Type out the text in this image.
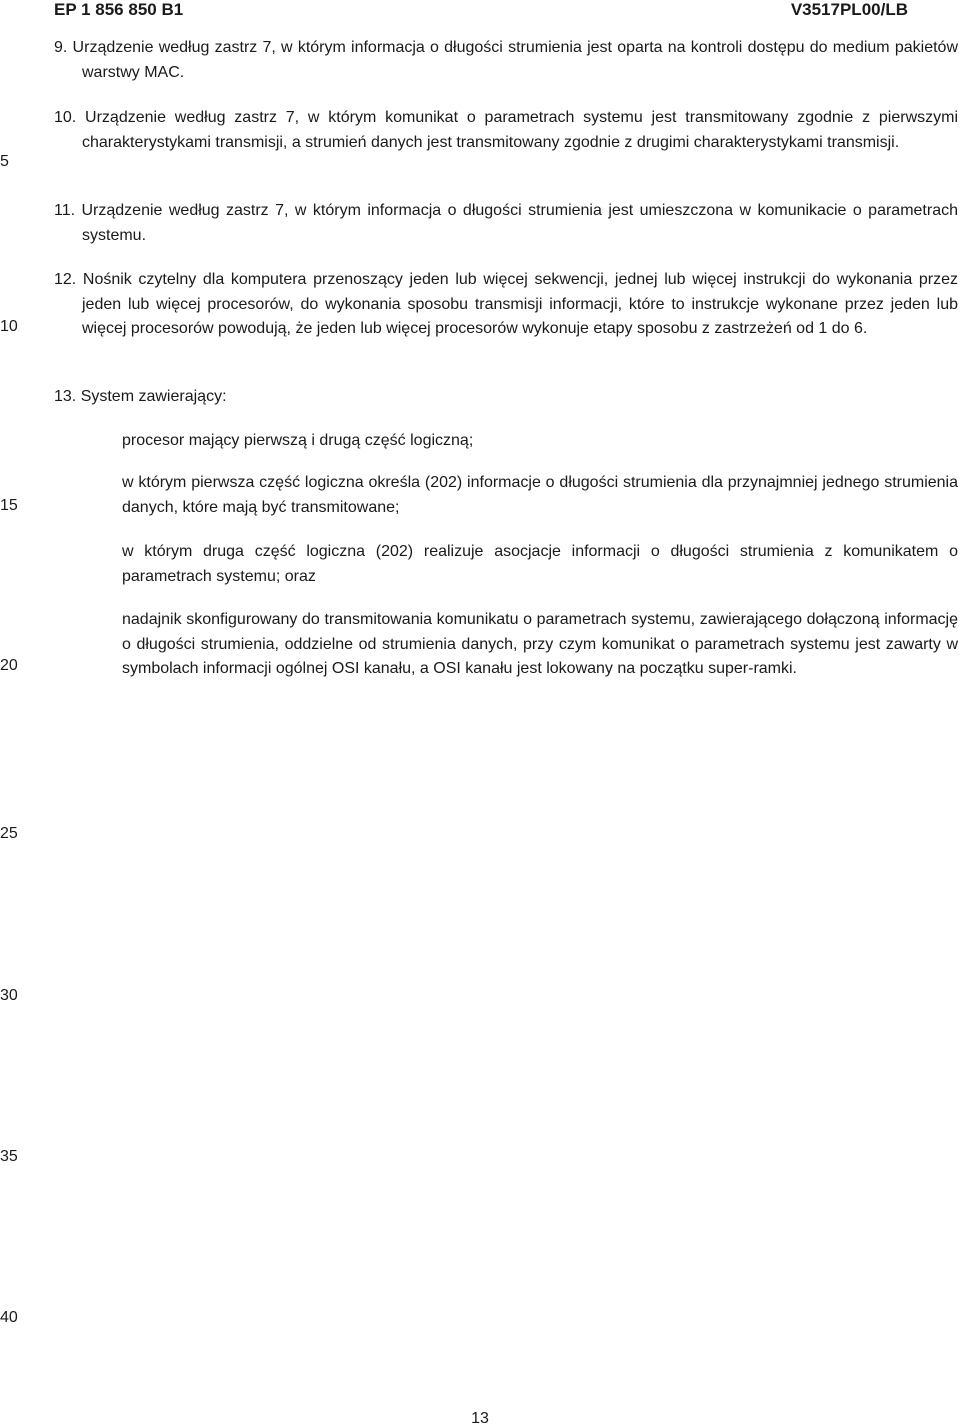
EP 1 856 850 B1	V3517PL00/LB
5
10
15
20
25
30
35
40
9. Urządzenie według zastrz 7, w którym informacja o długości strumienia jest oparta na kontroli dostępu do medium pakietów warstwy MAC.
10. Urządzenie według zastrz 7, w którym komunikat o parametrach systemu jest transmitowany zgodnie z pierwszymi charakterystykami transmisji, a strumień danych jest transmitowany zgodnie z drugimi charakterystykami transmisji.
11. Urządzenie według zastrz 7, w którym informacja o długości strumienia jest umieszczona w komunikacie o parametrach systemu.
12. Nośnik czytelny dla komputera przenoszący jeden lub więcej sekwencji, jednej lub więcej instrukcji do wykonania przez jeden lub więcej procesorów, do wykonania sposobu transmisji informacji, które to instrukcje wykonane przez jeden lub więcej procesorów powodują, że jeden lub więcej procesorów wykonuje etapy sposobu z zastrzeżeń od 1 do 6.
13. System zawierający:
procesor mający pierwszą i drugą część logiczną;
w którym pierwsza część logiczna określa (202) informacje o długości strumienia dla przynajmniej jednego strumienia danych, które mają być transmitowane;
w którym druga część logiczna (202) realizuje asocjacje informacji o długości strumienia z komunikatem o parametrach systemu; oraz
nadajnik skonfigurowany do transmitowania komunikatu o parametrach systemu, zawierającego dołączoną informację o długości strumienia, oddzielne od strumienia danych, przy czym komunikat o parametrach systemu jest zawarty w symbolach informacji ogólnej OSI kanału, a OSI kanału jest lokowany na początku super-ramki.
13
